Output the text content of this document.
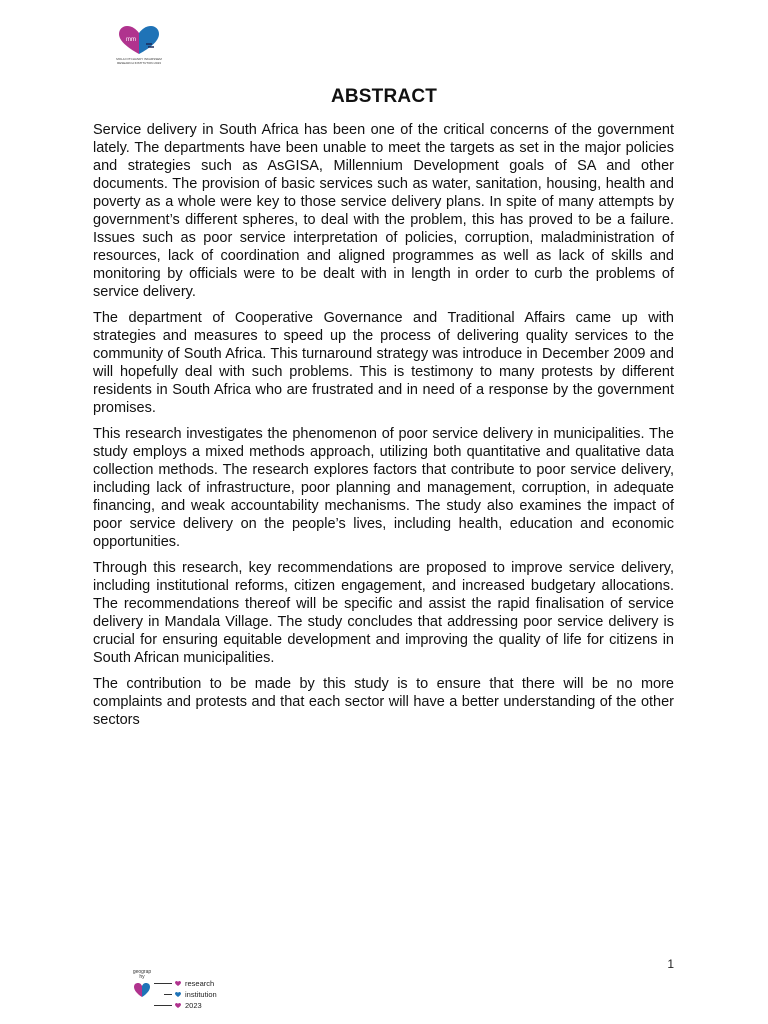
mm
MOLAI OTCHANDY INKARSSEM
RESEARCH INSTITUTION 2023
ABSTRACT

Service delivery in South Africa has been one of the critical concerns of the government lately. The departments have been unable to meet the targets as set in the major policies and strategies such as AsGISA, Millennium Development goals of SA and other documents. The provision of basic services such as water, sanitation, housing, health and poverty as a whole were key to those service delivery plans. In spite of many attempts by government’s different spheres, to deal with the problem, this has proved to be a failure. Issues such as poor service interpretation of policies, corruption, maladministration of resources, lack of coordination and aligned programmes as well as lack of skills and monitoring by officials were to be dealt with in length in order to curb the problems of service delivery.

The department of Cooperative Governance and Traditional Affairs came up with strategies and measures to speed up the process of delivering quality services to the community of South Africa. This turnaround strategy was introduce in December 2009 and will hopefully deal with such problems. This is testimony to many protests by different residents in South Africa who are frustrated and in need of a response by the government promises.

This research investigates the phenomenon of poor service delivery in municipalities. The study employs a mixed methods approach, utilizing both quantitative and qualitative data collection methods. The research explores factors that contribute to poor service delivery, including lack of infrastructure, poor planning and management, corruption, in adequate financing, and weak accountability mechanisms. The study also examines the impact of poor service delivery on the people’s lives, including health, education and economic opportunities.

Through this research, key recommendations are proposed to improve service delivery, including institutional reforms, citizen engagement, and increased budgetary allocations. The recommendations thereof will be specific and assist the rapid finalisation of service delivery in Mandala Village. The study concludes that addressing poor service delivery is crucial for ensuring equitable development and improving the quality of life for citizens in South African municipalities.

The contribution to be made by this study is to ensure that there will be no more complaints and protests and that each sector will have a better understanding of the other sectors

1
geograp hy
research
institution
2023
